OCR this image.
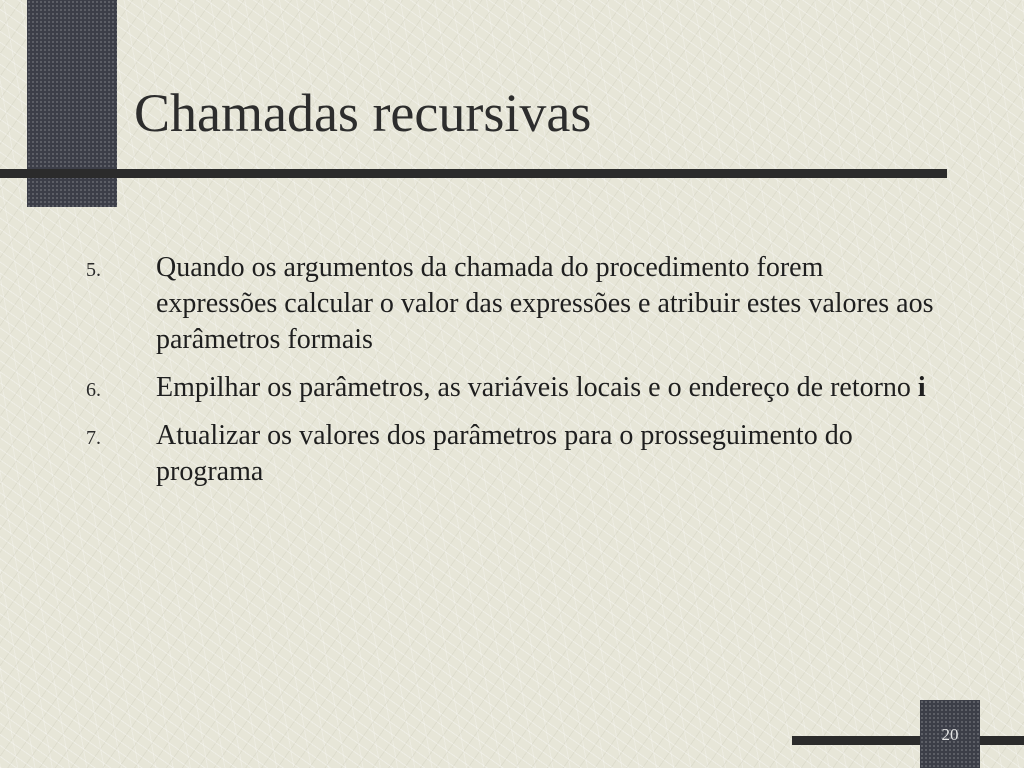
Chamadas recursivas
5. Quando os argumentos da chamada do procedimento forem expressões calcular o valor das expressões e atribuir estes valores aos parâmetros formais
6. Empilhar os parâmetros, as variáveis locais e o endereço de retorno i
7. Atualizar os valores dos parâmetros para o prosseguimento do programa
20
